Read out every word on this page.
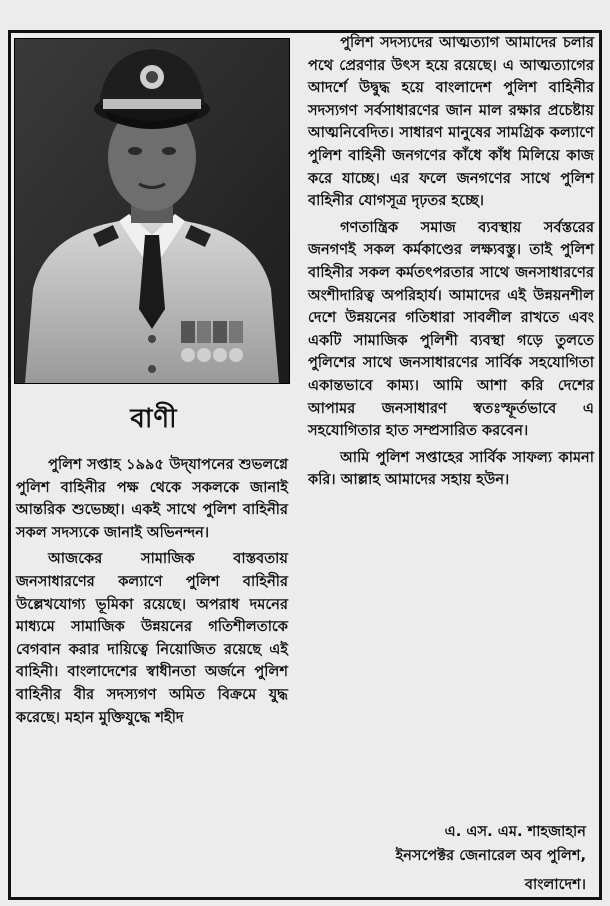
বাণী

পুলিশ সপ্তাহ ১৯৯৫ উদ্‌যাপনের শুভলগ্নে পুলিশ বাহিনীর পক্ষ থেকে সকলকে জানাই আন্তরিক শুভেচ্ছা। একই সাথে পুলিশ বাহিনীর সকল সদস্যকে জানাই অভিনন্দন।

আজকের সামাজিক বাস্তবতায় জনসাধারণের কল্যাণে পুলিশ বাহিনীর উল্লেখযোগ্য ভূমিকা রয়েছে। অপরাধ দমনের মাধ্যমে সামাজিক উন্নয়নের গতিশীলতাকে বেগবান করার দায়িত্বে নিয়োজিত রয়েছে এই বাহিনী। বাংলাদেশের স্বাধীনতা অর্জনে পুলিশ বাহিনীর বীর সদস্যগণ অমিত বিক্রমে যুদ্ধ করেছে। মহান মুক্তিযুদ্ধে শহীদ

পুলিশ সদস্যদের আত্মত্যাগ আমাদের চলার পথে প্রেরণার উৎস হয়ে রয়েছে। এ আত্মত্যাগের আদর্শে উদ্বুদ্ধ হয়ে বাংলাদেশ পুলিশ বাহিনীর সদস্যগণ সর্বসাধারণের জান মাল রক্ষার প্রচেষ্টায় আত্মনিবেদিত। সাধারণ মানুষের সামগ্রিক কল্যাণে পুলিশ বাহিনী জনগণের কাঁধে কাঁধ মিলিয়ে কাজ করে যাচ্ছে। এর ফলে জনগণের সাথে পুলিশ বাহিনীর যোগসূত্র দৃঢ়তর হচ্ছে।

গণতান্ত্রিক সমাজ ব্যবস্থায় সর্বস্তরের জনগণই সকল কর্মকাণ্ডের লক্ষ্যবস্তু। তাই পুলিশ বাহিনীর সকল কর্মতৎপরতার সাথে জনসাধারণের অংশীদারিত্ব অপরিহার্য। আমাদের এই উন্নয়নশীল দেশে উন্নয়নের গতিধারা সাবলীল রাখতে এবং একটি সামাজিক পুলিশী ব্যবস্থা গড়ে তুলতে পুলিশের সাথে জনসাধারণের সার্বিক সহযোগিতা একান্তভাবে কাম্য। আমি আশা করি দেশের আপামর জনসাধারণ স্বতঃস্ফূর্তভাবে এ সহযোগিতার হাত সম্প্রসারিত করবেন।

আমি পুলিশ সপ্তাহের সার্বিক সাফল্য কামনা করি। আল্লাহ আমাদের সহায় হউন।

এ. এস. এম. শাহজাহান
ইনসপেক্টর জেনারেল অব পুলিশ,
বাংলাদেশ।
